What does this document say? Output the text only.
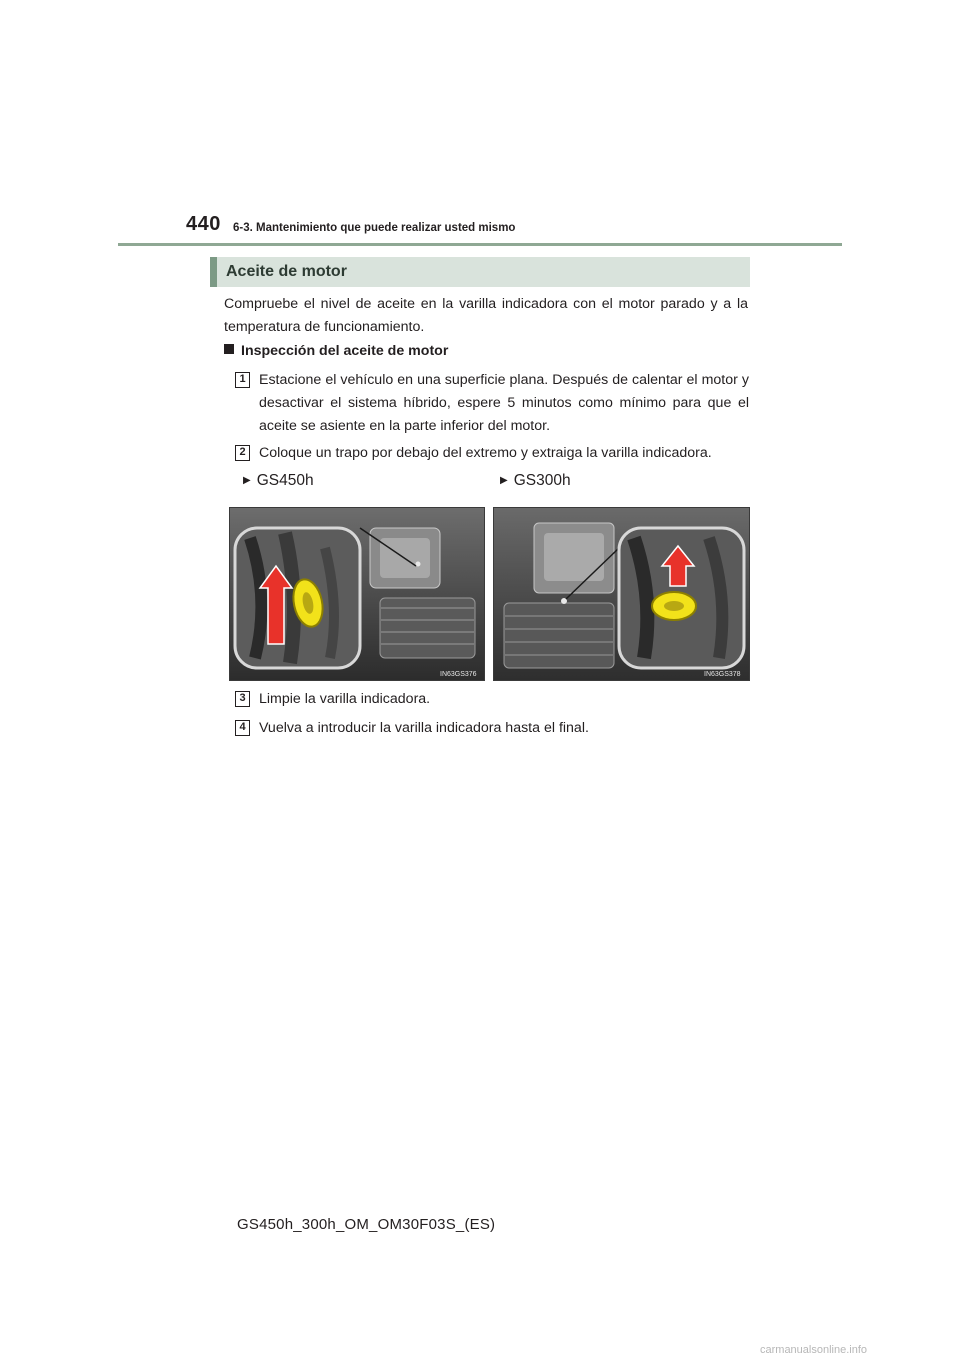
440 6-3. Mantenimiento que puede realizar usted mismo
Aceite de motor
Compruebe el nivel de aceite en la varilla indicadora con el motor parado y a la temperatura de funcionamiento.
Inspección del aceite de motor
1 Estacione el vehículo en una superficie plana. Después de calentar el motor y desactivar el sistema híbrido, espere 5 minutos como mínimo para que el aceite se asiente en la parte inferior del motor.
2 Coloque un trapo por debajo del extremo y extraiga la varilla indicadora.
▶ GS450h	▶ GS300h
IN63GS376	IN63GS378
3 Limpie la varilla indicadora.
4 Vuelva a introducir la varilla indicadora hasta el final.
GS450h_300h_OM_OM30F03S_(ES)
carmanualsonline.info
